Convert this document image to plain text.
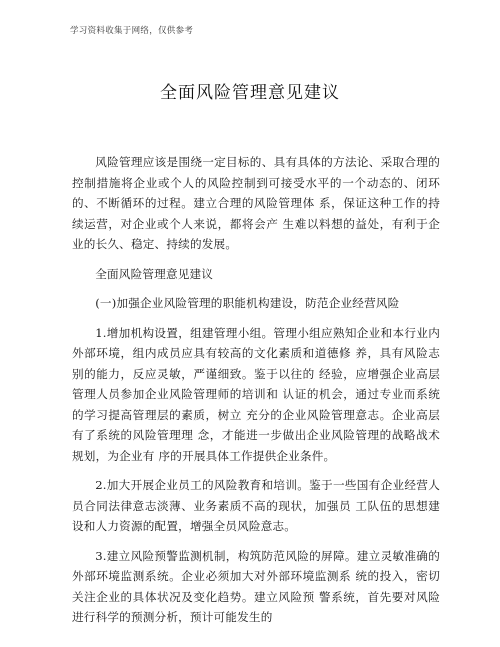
学习资料收集于网络，仅供参考
全面风险管理意见建议

风险管理应该是围绕一定目标的、具有具体的方法论、采取合理的控制措施将企业或个人的风险控制到可接受水平的一个动态的、闭环的、不断循环的过程。建立合理的风险管理体 系，保证这种工作的持续运营，对企业或个人来说，都将会产 生难以料想的益处，有利于企业的长久、稳定、持续的发展。

全面风险管理意见建议

(一)加强企业风险管理的职能机构建设，防范企业经营风险

1.增加机构设置，组建管理小组。管理小组应熟知企业和本行业内外部环境，组内成员应具有较高的文化素质和道德修 养，具有风险志别的能力，反应灵敏，严谨细致。鉴于以往的 经验，应增强企业高层管理人员参加企业风险管理师的培训和 认证的机会，通过专业而系统的学习提高管理层的素质，树立 充分的企业风险管理意志。企业高层有了系统的风险管理理 念，才能进一步做出企业风险管理的战略战术规划，为企业有 序的开展具体工作提供企业条件。

2.加大开展企业员工的风险教育和培训。鉴于一些国有企业经营人员合同法律意志淡薄、业务素质不高的现状，加强员 工队伍的思想建设和人力资源的配置，增强全员风险意志。

3.建立风险预警监测机制，构筑防范风险的屏障。建立灵敏准确的外部环境监测系统。企业必须加大对外部环境监测系 统的投入，密切关注企业的具体状况及变化趋势。建立风险预 警系统，首先要对风险进行科学的预测分析，预计可能发生的
